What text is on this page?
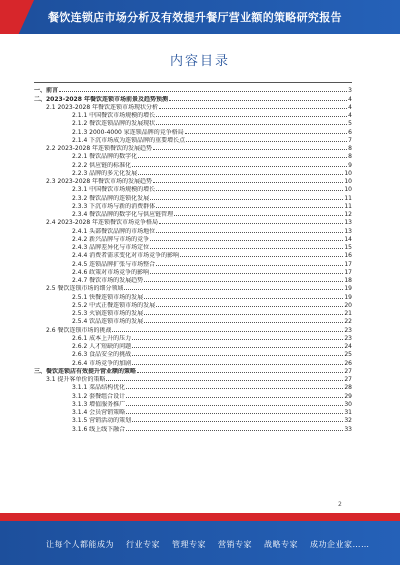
餐饮连锁店市场分析及有效提升餐厅营业额的策略研究报告
内容目录
一、前言	3
二、2023-2028 年餐饮连锁市场前景及趋势预测	4
2.1 2023-2028 年餐饮连锁市场现状分析	4
2.1.1 中国餐饮市场规模的增长	4
2.1.2 餐饮连锁品牌的发展现状	5
2.1.3 2000-4000 家连锁品牌的竞争格局	6
2.1.4 下沉市场成为连锁品牌的重要增长点	7
2.2 2023-2028 年连锁餐饮的发展趋势	8
2.2.1 餐饮品牌的数字化	8
2.2.2 供应链的标准化	9
2.2.3 品牌的多元化发展	10
2.3 2023-2028 年餐饮市场的发展趋势	10
2.3.1 中国餐饮市场规模的增长	10
2.3.2 餐饮品牌的连锁化发展	11
2.3.3 下沉市场与新的消费群体	11
2.3.4 餐饮品牌的数字化与供应链管理	12
2.4 2023-2028 年连锁餐饮市场竞争格局	13
2.4.1 头部餐饮品牌的市场地位	13
2.4.2 新兴品牌与市场的竞争	14
2.4.3 品牌差异化与市场定位	15
2.4.4 消费者需求变化对市场竞争的影响	16
2.4.5 连锁品牌扩张与市场整合	17
2.4.6 政策对市场竞争的影响	17
2.4.7 餐饮市场的发展趋势	18
2.5 餐饮连锁市场的细分领域	19
2.5.1 快餐连锁市场的发展	19
2.5.2 中式正餐连锁市场的发展	20
2.5.3 火锅连锁市场的发展	21
2.5.4 饮品连锁市场的发展	22
2.6 餐饮连锁市场的挑战	23
2.6.1 成本上升的压力	23
2.6.2 人才短缺的问题	24
2.6.3 食品安全的挑战	25
2.6.4 市场竞争的加剧	26
三、餐饮连锁店有效提升营业额的策略	27
3.1 提升客单价的策略	27
3.1.1 菜品结构优化	28
3.1.2 套餐组合设计	29
3.1.3 增值服务推广	30
3.1.4 会员营销策略	31
3.1.5 营销活动的策划	32
3.1.6 线上线下融合	33
2
让每个人都能成为 行业专家 管理专家 营销专家 战略专家 成功企业家……
